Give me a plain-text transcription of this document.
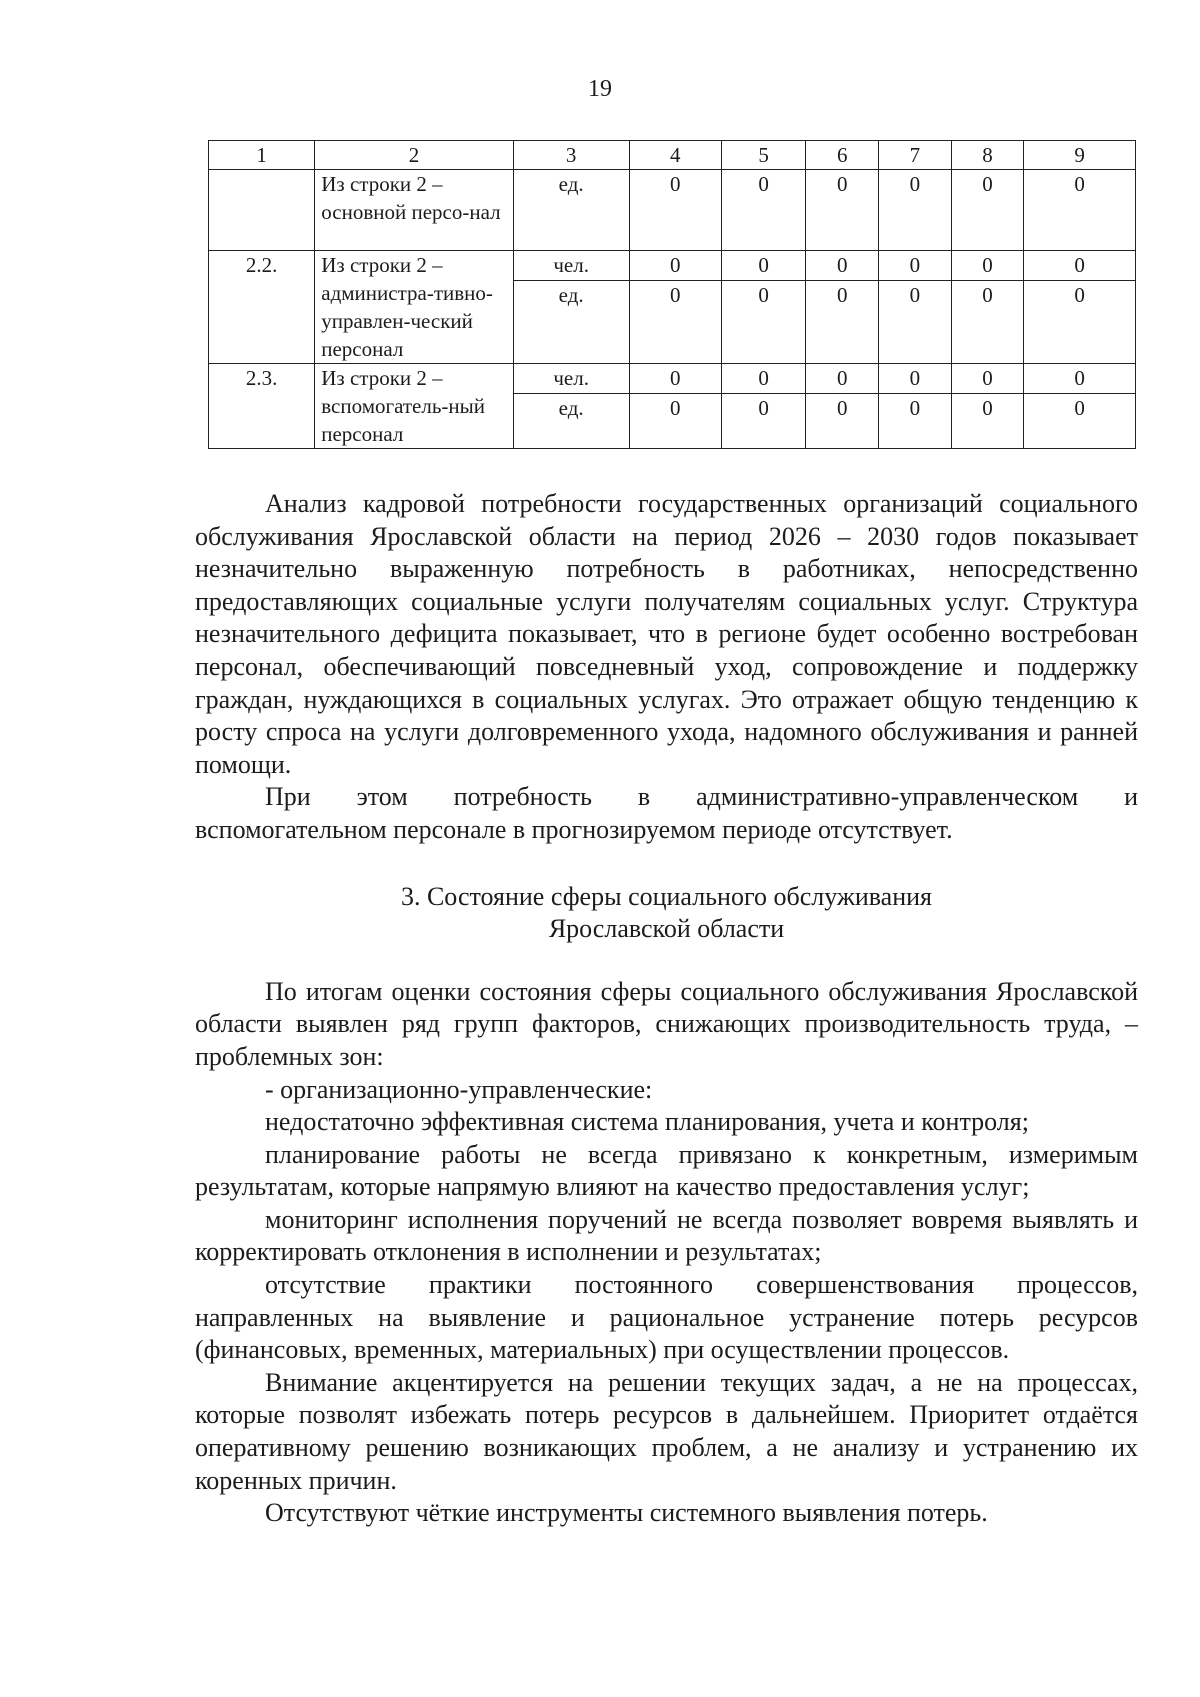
19
1	2	3	4	5	6	7	8	9
	Из строки 2 – основной персо-нал	ед.	0	0	0	0	0	0
2.2.	Из строки 2 – администра-тивно-управлен-ческий персонал	чел.	0	0	0	0	0	0
		ед.	0	0	0	0	0	0
2.3.	Из строки 2 – вспомогатель-ный персонал	чел.	0	0	0	0	0	0
		ед.	0	0	0	0	0	0

Анализ кадровой потребности государственных организаций социального обслуживания Ярославской области на период 2026 – 2030 годов показывает незначительно выраженную потребность в работниках, непосредственно предоставляющих социальные услуги получателям социальных услуг. Структура незначительного дефицита показывает, что в регионе будет особенно востребован персонал, обеспечивающий повседневный уход, сопровождение и поддержку граждан, нуждающихся в социальных услугах. Это отражает общую тенденцию к росту спроса на услуги долговременного ухода, надомного обслуживания и ранней помощи.

При этом потребность в административно-управленческом и вспомогательном персонале в прогнозируемом периоде отсутствует.

3. Состояние сферы социального обслуживания
Ярославской области

По итогам оценки состояния сферы социального обслуживания Ярославской области выявлен ряд групп факторов, снижающих производительность труда, – проблемных зон:

- организационно-управленческие:

недостаточно эффективная система планирования, учета и контроля;

планирование работы не всегда привязано к конкретным, измеримым результатам, которые напрямую влияют на качество предоставления услуг;

мониторинг исполнения поручений не всегда позволяет вовремя выявлять и корректировать отклонения в исполнении и результатах;

отсутствие практики постоянного совершенствования процессов, направленных на выявление и рациональное устранение потерь ресурсов (финансовых, временных, материальных) при осуществлении процессов.

Внимание акцентируется на решении текущих задач, а не на процессах, которые позволят избежать потерь ресурсов в дальнейшем. Приоритет отдаётся оперативному решению возникающих проблем, а не анализу и устранению их коренных причин.

Отсутствуют чёткие инструменты системного выявления потерь.
